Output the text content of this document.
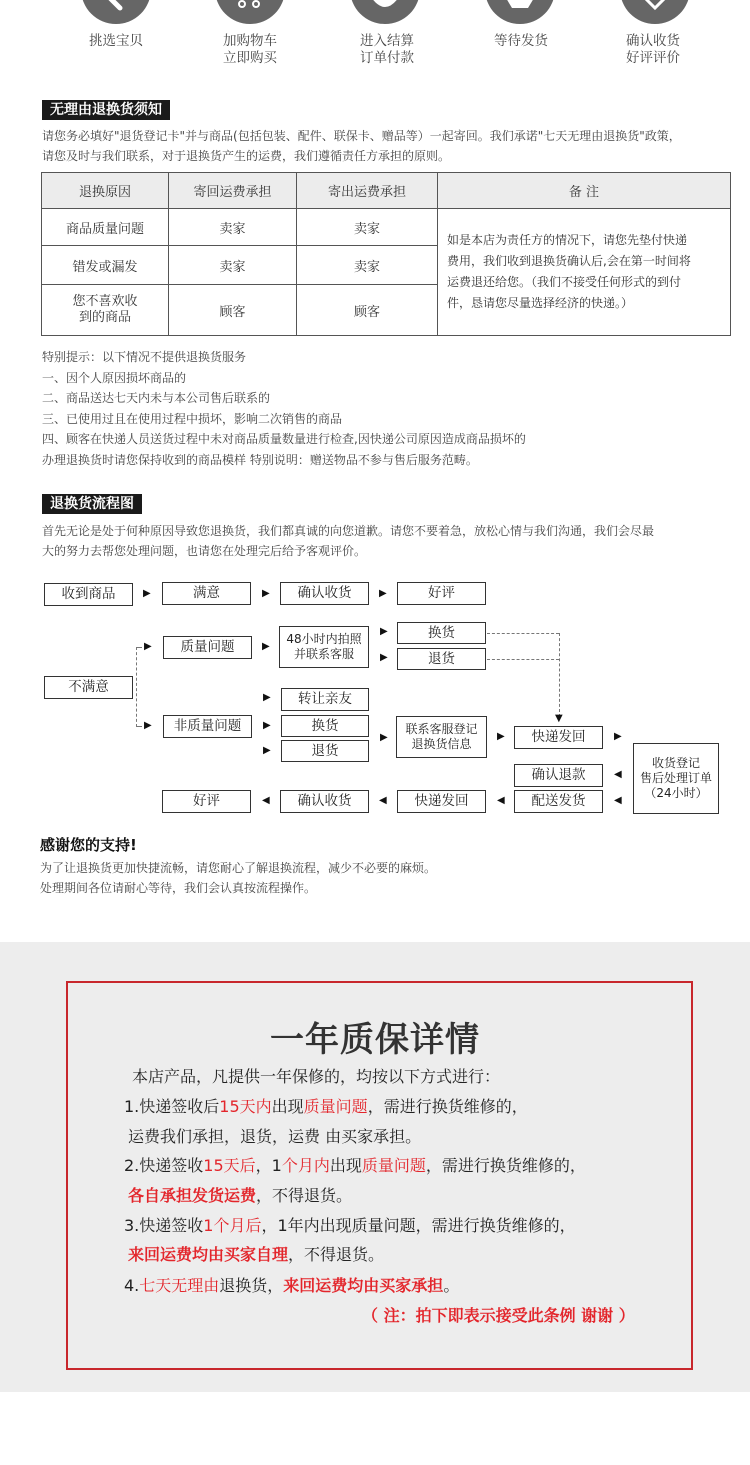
挑选宝贝	加购物车
立即购买
进入结算
订单付款
等待发货	确认收货
好评评价
无理由退换货须知
请您务必填好"退货登记卡"并与商品(包括包装、配件、联保卡、赠品等）一起寄回。我们承诺"七天无理由退换货"政策，
请您及时与我们联系，对于退换货产生的运费，我们遵循责任方承担的原则。
退换原因	寄回运费承担	寄出运费承担	备 注
商品质量问题	卖家	卖家	如是本店为责任方的情况下，请您先垫付快递
费用，我们收到退换货确认后,会在第一时间将
运费退还给您。（我们不接受任何形式的到付
件，恳请您尽量选择经济的快递。）

错发或漏发	卖家	卖家	

您不喜欢收
到的商品	顾客	顾客	
特别提示：以下情况不提供退换货服务
一、因个人原因损坏商品的
二、商品送达七天内未与本公司售后联系的
三、已使用过且在使用过程中损坏，影响二次销售的商品
四、顾客在快递人员送货过程中未对商品质量数量进行检查,因快递公司原因造成商品损坏的
办理退换货时请您保持收到的商品模样 特别说明：赠送物品不参与售后服务范畴。
退换货流程图
首先无论是处于何种原因导致您退换货，我们都真诚的向您道歉。请您不要着急，放松心情与我们沟通，我们会尽最
大的努力去帮您处理问题，也请您在处理完后给予客观评价。
收到商品	▶	满意	▶	确认收货	▶	好评
不满意
▶	质量问题	▶
48小时内拍照
并联系客服
▶
▶
换货
退货
▼
▶	转让亲友
▶	非质量问题	▶
▶
换货
退货
▶
联系客服登记
退换货信息
▶	快递发回	▶
收货登记
售后处理订单
（24小时）
确认退款	◀
好评	◀	确认收货	◀	快递发回	◀	配送发货	◀
感谢您的支持!
为了让退换货更加快捷流畅，请您耐心了解退换流程，减少不必要的麻烦。
处理期间各位请耐心等待，我们会认真按流程操作。
一年质保详情
本店产品，凡提供一年保修的，均按以下方式进行：
1.快递签收后15天内出现质量问题，需进行换货维修的，
运费我们承担，退货，运费 由买家承担。
2.快递签收15天后，1个月内出现质量问题，需进行换货维修的，
各自承担发货运费，不得退货。
3.快递签收1个月后，1年内出现质量问题，需进行换货维修的，
来回运费均由买家自理，不得退货。
4.七天无理由退换货，来回运费均由买家承担。
（ 注：拍下即表示接受此条例 谢谢 ）
